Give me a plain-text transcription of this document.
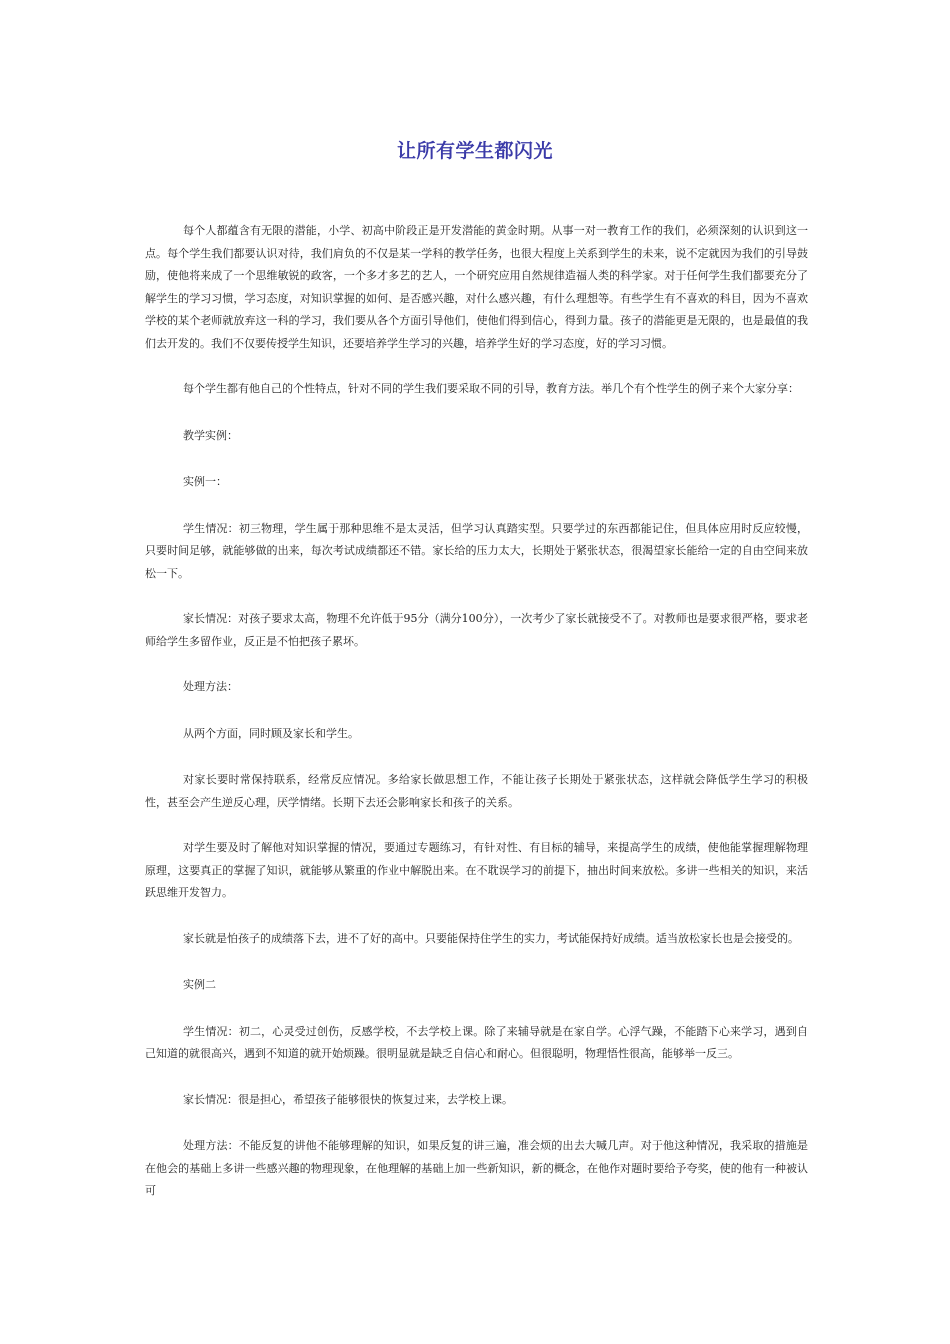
让所有学生都闪光

每个人都蕴含有无限的潜能，小学、初高中阶段正是开发潜能的黄金时期。从事一对一教育工作的我们，必须深刻的认识到这一点。每个学生我们都要认识对待，我们肩负的不仅是某一学科的教学任务，也很大程度上关系到学生的未来，说不定就因为我们的引导鼓励，使他将来成了一个思维敏锐的政客，一个多才多艺的艺人，一个研究应用自然规律造福人类的科学家。对于任何学生我们都要充分了解学生的学习习惯，学习态度，对知识掌握的如何、是否感兴趣，对什么感兴趣，有什么理想等。有些学生有不喜欢的科目，因为不喜欢学校的某个老师就放弃这一科的学习，我们要从各个方面引导他们，使他们得到信心，得到力量。孩子的潜能更是无限的，也是最值的我们去开发的。我们不仅要传授学生知识，还要培养学生学习的兴趣，培养学生好的学习态度，好的学习习惯。

每个学生都有他自己的个性特点，针对不同的学生我们要采取不同的引导，教育方法。举几个有个性学生的例子来个大家分享：

教学实例：

实例一：

学生情况：初三物理，学生属于那种思维不是太灵活，但学习认真踏实型。只要学过的东西都能记住，但具体应用时反应较慢，只要时间足够，就能够做的出来，每次考试成绩都还不错。家长给的压力太大，长期处于紧张状态，很渴望家长能给一定的自由空间来放松一下。

家长情况：对孩子要求太高，物理不允许低于95分（满分100分），一次考少了家长就接受不了。对教师也是要求很严格，要求老师给学生多留作业，反正是不怕把孩子累坏。

处理方法：

从两个方面，同时顾及家长和学生。

对家长要时常保持联系，经常反应情况。多给家长做思想工作，不能让孩子长期处于紧张状态，这样就会降低学生学习的积极性，甚至会产生逆反心理，厌学情绪。长期下去还会影响家长和孩子的关系。

对学生要及时了解他对知识掌握的情况，要通过专题练习，有针对性、有目标的辅导，来提高学生的成绩，使他能掌握理解物理原理，这要真正的掌握了知识，就能够从繁重的作业中解脱出来。在不耽误学习的前提下，抽出时间来放松。多讲一些相关的知识，来活跃思维开发智力。

家长就是怕孩子的成绩落下去，进不了好的高中。只要能保持住学生的实力，考试能保持好成绩。适当放松家长也是会接受的。

实例二

学生情况：初二，心灵受过创伤，反感学校，不去学校上课。除了来辅导就是在家自学。心浮气躁，不能踏下心来学习，遇到自己知道的就很高兴，遇到不知道的就开始烦躁。很明显就是缺乏自信心和耐心。但很聪明，物理悟性很高，能够举一反三。

家长情况：很是担心，希望孩子能够很快的恢复过来，去学校上课。

处理方法：不能反复的讲他不能够理解的知识，如果反复的讲三遍，准会烦的出去大喊几声。对于他这种情况，我采取的措施是在他会的基础上多讲一些感兴趣的物理现象，在他理解的基础上加一些新知识，新的概念，在他作对题时要给予夸奖，使的他有一种被认可
